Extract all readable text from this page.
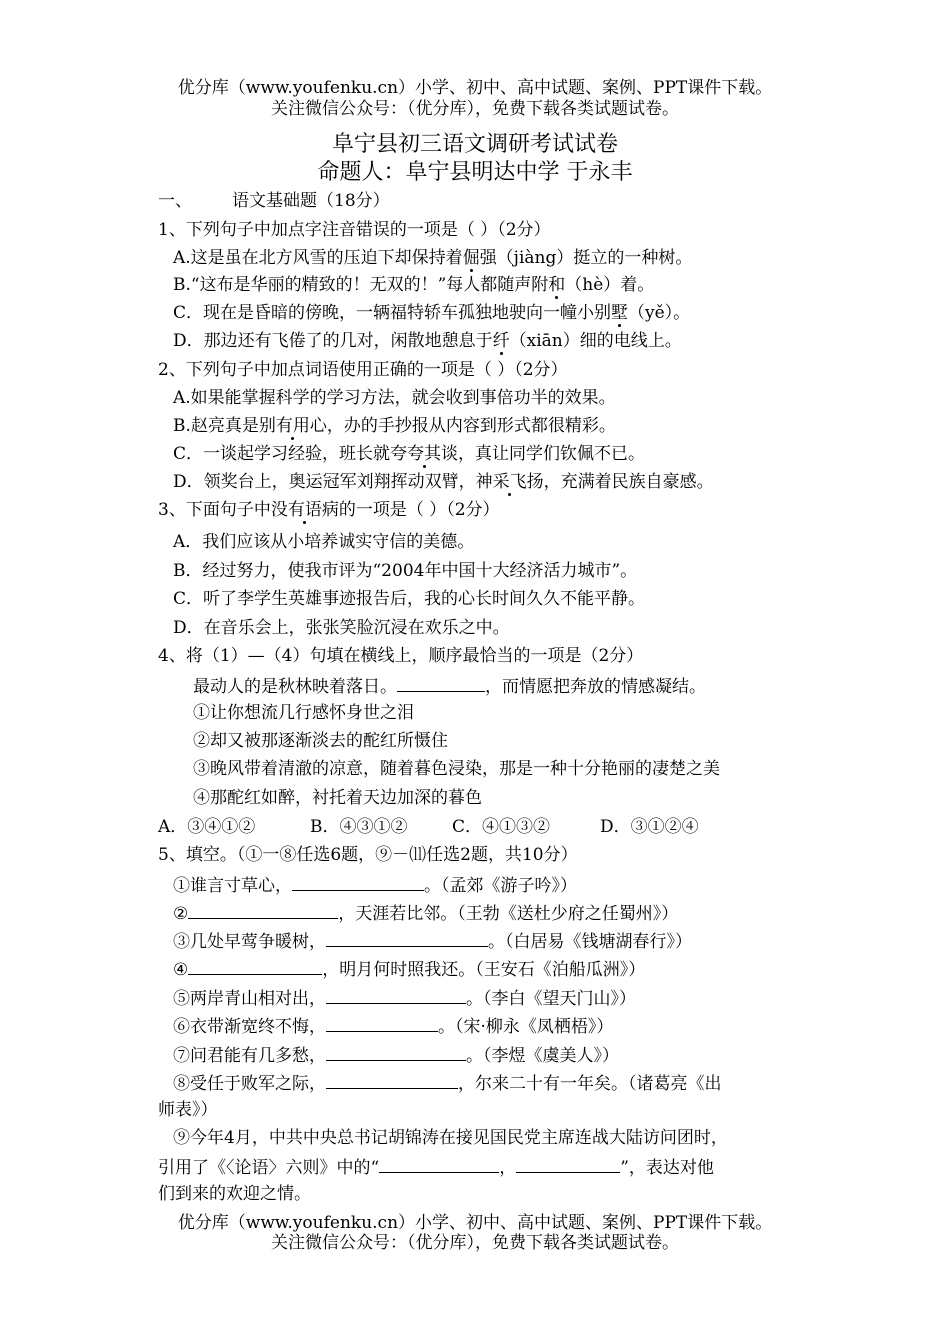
优分库（www.youfenku.cn）小学、初中、高中试题、案例、PPT课件下载。
关注微信公众号：（优分库），免费下载各类试题试卷。
阜宁县初三语文调研考试试卷
命题人：阜宁县明达中学 于永丰
一、 语文基础题（18分）
1、下列句子中加点字注音错误的一项是（ ）（2分）
A.这是虽在北方风雪的压迫下却保持着倔强（jiàng）挺立的一种树。
B.“这布是华丽的精致的！无双的！”每人都随声附和（hè）着。
C．现在是昏暗的傍晚，一辆福特轿车孤独地驶向一幢小别墅（yě）。
D．那边还有飞倦了的几对，闲散地憩息于纤（xiān）细的电线上。
2、下列句子中加点词语使用正确的一项是（ ）（2分）
A.如果能掌握科学的学习方法，就会收到事倍功半的效果。
B.赵亮真是别有用心，办的手抄报从内容到形式都很精彩。
C．一谈起学习经验，班长就夸夸其谈，真让同学们钦佩不已。
D．领奖台上，奥运冠军刘翔挥动双臂，神采飞扬，充满着民族自豪感。
3、下面句子中没有语病的一项是（ ）（2分）
A．我们应该从小培养诚实守信的美德。
B．经过努力，使我市评为“2004年中国十大经济活力城市”。
C．听了李学生英雄事迹报告后，我的心长时间久久不能平静。
D．在音乐会上，张张笑脸沉浸在欢乐之中。
4、将（1）—（4）句填在横线上，顺序最恰当的一项是（2分）
最动人的是秋林映着落日。	，而情愿把奔放的情感凝结。
①让你想流几行感怀身世之泪
②却又被那逐渐淡去的酡红所慑住
③晚风带着清澈的凉意，随着暮色浸染，那是一种十分艳丽的凄楚之美
④那酡红如醉，衬托着天边加深的暮色
A．③④①②	B．④③①②	C．④①③②	D．③①②④
5、填空。（①一⑧任选6题，⑨－⑾任选2题，共10分）
①谁言寸草心，	。（孟郊《游子吟》）
②	，天涯若比邻。（王勃《送杜少府之任蜀州》）
③几处早莺争暖树，	。（白居易《钱塘湖春行》）
④	，明月何时照我还。（王安石《泊船瓜洲》）
⑤两岸青山相对出，	。（李白《望天门山》）
⑥衣带渐宽终不悔，	。（宋·柳永《凤栖梧》）
⑦问君能有几多愁，	。（李煜《虞美人》）
⑧受任于败军之际，	，尔来二十有一年矣。（诸葛亮《出
师表》）
⑨今年4月，中共中央总书记胡锦涛在接见国民党主席连战大陆访问团时，
引用了《〈论语〉六则》中的“	，	”，表达对他
们到来的欢迎之情。
优分库（www.youfenku.cn）小学、初中、高中试题、案例、PPT课件下载。
关注微信公众号：（优分库），免费下载各类试题试卷。
